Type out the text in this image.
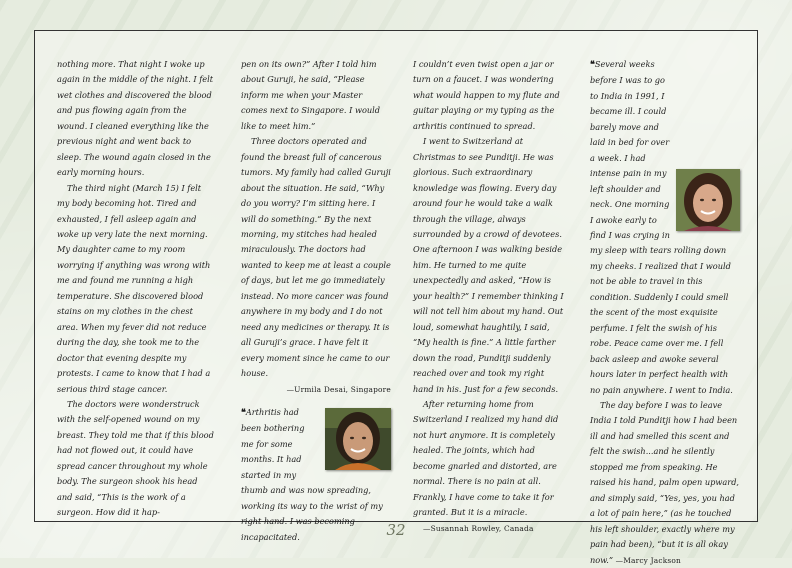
nothing more. That night I woke up again in the middle of the night. I felt wet clothes and discovered the blood and pus flowing again from the wound. I cleaned everything like the previous night and went back to sleep. The wound again closed in the early morning hours.

The third night (March 15) I felt my body becoming hot. Tired and exhausted, I fell asleep again and woke up very late the next morning. My daughter came to my room worrying if anything was wrong with me and found me running a high temperature. She discovered blood stains on my clothes in the chest area. When my fever did not reduce during the day, she took me to the doctor that evening despite my protests. I came to know that I had a serious third stage cancer.

The doctors were wonderstruck with the self-opened wound on my breast. They told me that if this blood had not flowed out, it could have spread cancer throughout my whole body. The surgeon shook his head and said, “This is the work of a surgeon. How did it hap-

pen on its own?” After I told him about Guruji, he said, “Please inform me when your Master comes next to Singapore. I would like to meet him.”

Three doctors operated and found the breast full of cancerous tumors. My family had called Guruji about the situation. He said, “Why do you worry? I’m sitting here. I will do something.” By the next morning, my stitches had healed miraculously. The doctors had wanted to keep me at least a couple of days, but let me go immediately instead. No more cancer was found anywhere in my body and I do not need any medicines or therapy. It is all Guruji’s grace. I have felt it every moment since he came to our house.

—Urmila Desai, Singapore

❝Arthritis had been bothering me for some months. It had started in my thumb and was now spreading, working its way to the wrist of my right hand. I was becoming incapacitated.

I couldn’t even twist open a jar or turn on a faucet. I was wondering what would happen to my flute and guitar playing or my typing as the arthritis continued to spread.

I went to Switzerland at Christmas to see Punditji. He was glorious. Such extraordinary knowledge was flowing. Every day around four he would take a walk through the village, always surrounded by a crowd of devotees. One afternoon I was walking beside him. He turned to me quite unexpectedly and asked, “How is your health?” I remember thinking I will not tell him about my hand. Out loud, somewhat haughtily, I said, “My health is fine.” A little farther down the road, Punditji suddenly reached over and took my right hand in his. Just for a few seconds.

After returning home from Switzerland I realized my hand did not hurt anymore. It is completely healed. The joints, which had become gnarled and distorted, are normal. There is no pain at all. Frankly, I have come to take it for granted. But it is a miracle.

—Susannah Rowley, Canada

❝Several weeks before I was to go to India in 1991, I became ill. I could barely move and laid in bed for over a week. I had intense pain in my left shoulder and neck. One morning I awoke early to find I was crying in my sleep with tears rolling down my cheeks. I realized that I would not be able to travel in this condition. Suddenly I could smell the scent of the most exquisite perfume. I felt the swish of his robe. Peace came over me. I fell back asleep and awoke several hours later in perfect health with no pain anywhere. I went to India.

The day before I was to leave India I told Punditji how I had been ill and had smelled this scent and felt the swish...and he silently stopped me from speaking. He raised his hand, palm open upward, and simply said, “Yes, yes, you had a lot of pain here,” (as he touched his left shoulder, exactly where my pain had been), “but it is all okay now.” —Marcy Jackson

32
